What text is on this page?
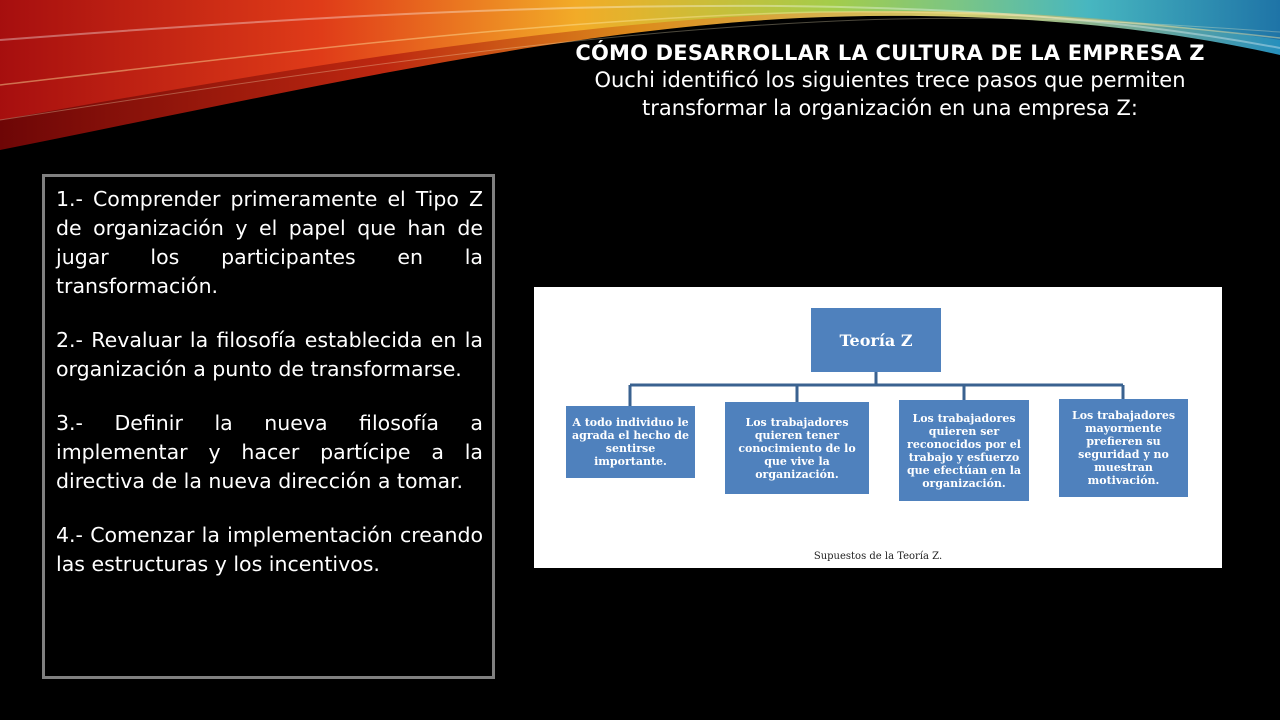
CÓMO DESARROLLAR LA CULTURA DE LA EMPRESA Z
Ouchi identificó los siguientes trece pasos que permiten
transformar la organización en una empresa Z:

1.- Comprender primeramente el Tipo Z de organización y el papel que han de jugar los participantes en la transformación.

2.- Revaluar la filosofía establecida en la organización a punto de transformarse.

3.- Definir la nueva filosofía a implementar y hacer partícipe a la directiva de la nueva dirección a tomar.

4.- Comenzar la implementación creando las estructuras y los incentivos.

Teoría Z
A todo individuo le agrada el hecho de sentirse importante.
Los trabajadores quieren tener conocimiento de lo que vive la organización.
Los trabajadores quieren ser reconocidos por el trabajo y esfuerzo que efectúan en la organización.
Los trabajadores mayormente prefieren su seguridad y no muestran motivación.
Supuestos de la Teoría Z.
